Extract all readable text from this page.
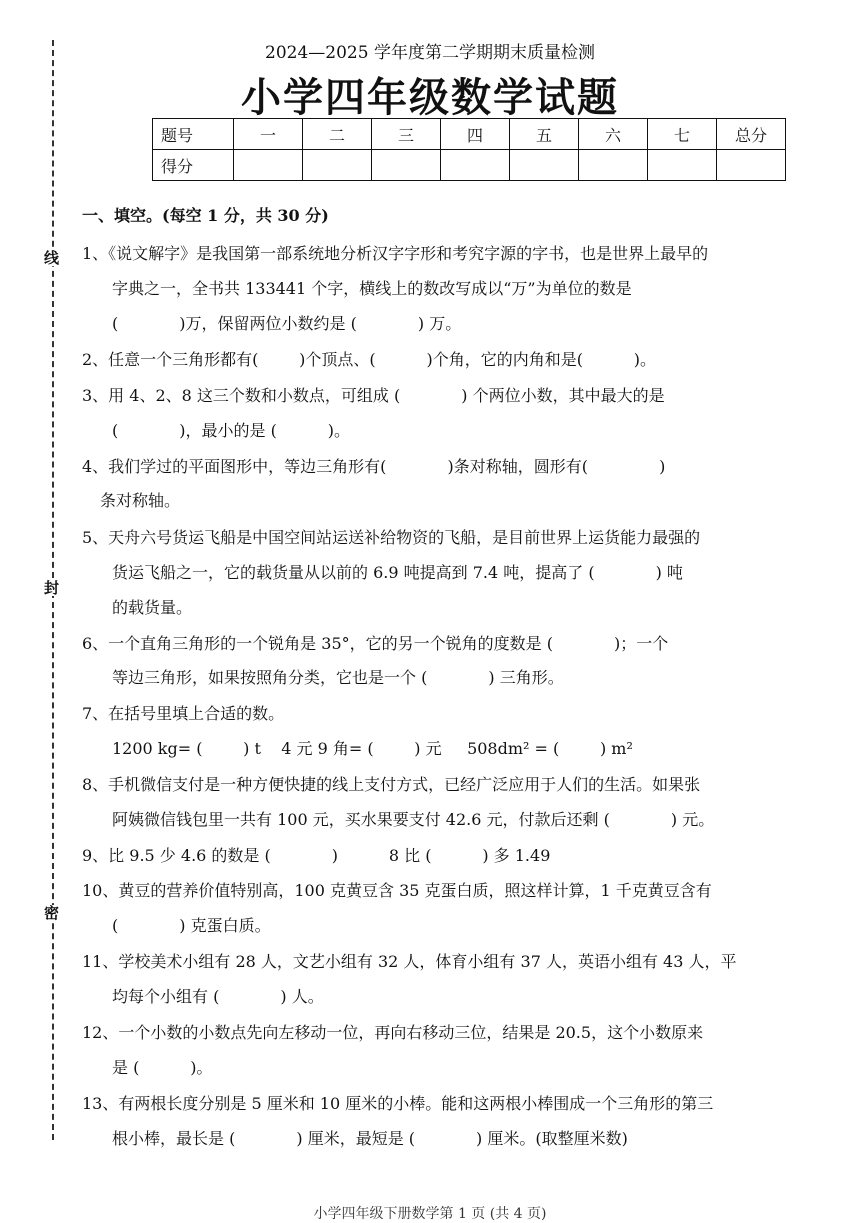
线
封
密
2024—2025 学年度第二学期期末质量检测
小学四年级数学试题
题号	一	二	三	四	五	六	七	总分
得分								
一、填空。(每空 1 分，共 30 分)
1、《说文解字》是我国第一部系统地分析汉字字形和考究字源的字书，也是世界上最早的
字典之一，全书共 133441 个字，横线上的数改写成以“万”为单位的数是
(            )万，保留两位小数约是 (            ) 万。
2、任意一个三角形都有(        )个顶点、(          )个角，它的内角和是(          )。
3、用 4、2、8 这三个数和小数点，可组成 (            ) 个两位小数，其中最大的是
(            )，最小的是 (          )。
4、我们学过的平面图形中，等边三角形有(            )条对称轴，圆形有(              )
条对称轴。
5、天舟六号货运飞船是中国空间站运送补给物资的飞船，是目前世界上运货能力最强的
货运飞船之一，它的载货量从以前的 6.9 吨提高到 7.4 吨，提高了 (            ) 吨
的载货量。
6、一个直角三角形的一个锐角是 35°，它的另一个锐角的度数是 (            )；一个
等边三角形，如果按照角分类，它也是一个 (            ) 三角形。
7、在括号里填上合适的数。
1200 kg= (        ) t    4 元 9 角= (        ) 元     508dm² = (        ) m²
8、手机微信支付是一种方便快捷的线上支付方式，已经广泛应用于人们的生活。如果张
阿姨微信钱包里一共有 100 元，买水果要支付 42.6 元，付款后还剩 (            ) 元。
9、比 9.5 少 4.6 的数是 (            )          8 比 (          ) 多 1.49
10、黄豆的营养价值特别高，100 克黄豆含 35 克蛋白质，照这样计算，1 千克黄豆含有
(            ) 克蛋白质。
11、学校美术小组有 28 人，文艺小组有 32 人，体育小组有 37 人，英语小组有 43 人，平
均每个小组有 (            ) 人。
12、一个小数的小数点先向左移动一位，再向右移动三位，结果是 20.5，这个小数原来
是 (          )。
13、有两根长度分别是 5 厘米和 10 厘米的小棒。能和这两根小棒围成一个三角形的第三
根小棒，最长是 (            ) 厘米，最短是 (            ) 厘米。(取整厘米数)
小学四年级下册数学第 1 页 (共 4 页)
